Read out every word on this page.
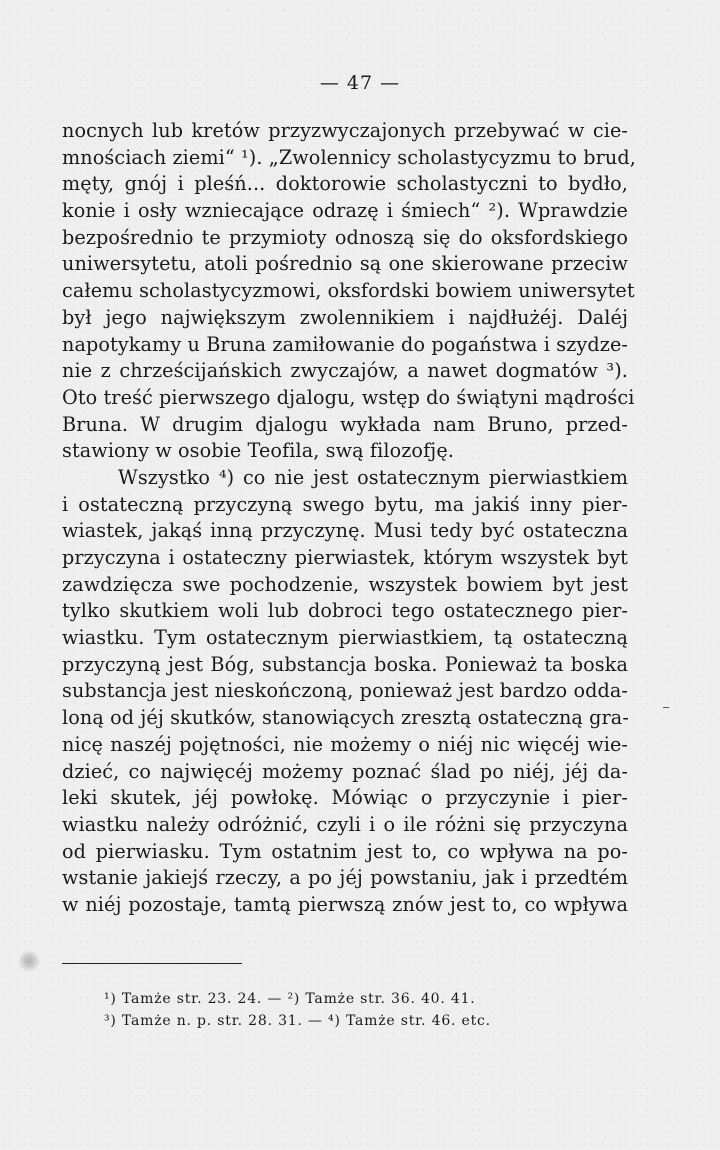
— 47 —
nocnych lub kretów przyzwyczajonych przebywać w cie-
mnościach ziemi“ ¹). „Zwolennicy scholastycyzmu to brud,
męty, gnój i pleśń... doktorowie scholastyczni to bydło,
konie i osły wzniecające odrazę i śmiech“ ²). Wprawdzie
bezpośrednio te przymioty odnoszą się do oksfordskiego
uniwersytetu, atoli pośrednio są one skierowane przeciw
całemu scholastycyzmowi, oksfordski bowiem uniwersytet
był jego największym zwolennikiem i najdłużéj. Daléj
napotykamy u Bruna zamiłowanie do pogaństwa i szydze-
nie z chrześcijańskich zwyczajów, a nawet dogmatów ³).
Oto treść pierwszego djalogu, wstęp do świątyni mądrości
Bruna. W drugim djalogu wykłada nam Bruno, przed-
stawiony w osobie Teofila, swą filozofję.
Wszystko ⁴) co nie jest ostatecznym pierwiastkiem
i ostateczną przyczyną swego bytu, ma jakiś inny pier-
wiastek, jakąś inną przyczynę. Musi tedy być ostateczna
przyczyna i ostateczny pierwiastek, którym wszystek byt
zawdzięcza swe pochodzenie, wszystek bowiem byt jest
tylko skutkiem woli lub dobroci tego ostatecznego pier-
wiastku. Tym ostatecznym pierwiastkiem, tą ostateczną
przyczyną jest Bóg, substancja boska. Ponieważ ta boska
substancja jest nieskończoną, ponieważ jest bardzo odda-
loną od jéj skutków, stanowiących zresztą ostateczną gra-
nicę naszéj pojętności, nie możemy o niéj nic więcéj wie-
dzieć, co najwięcéj możemy poznać ślad po niéj, jéj da-
leki skutek, jéj powłokę. Mówiąc o przyczynie i pier-
wiastku należy odróżnić, czyli i o ile różni się przyczyna
od pierwiasku. Tym ostatnim jest to, co wpływa na po-
wstanie jakiejś rzeczy, a po jéj powstaniu, jak i przedtém
w niéj pozostaje, tamtą pierwszą znów jest to, co wpływa
¹) Tamże str. 23. 24. — ²) Tamże str. 36. 40. 41.
³) Tamże n. p. str. 28. 31. — ⁴) Tamże str. 46. etc.
